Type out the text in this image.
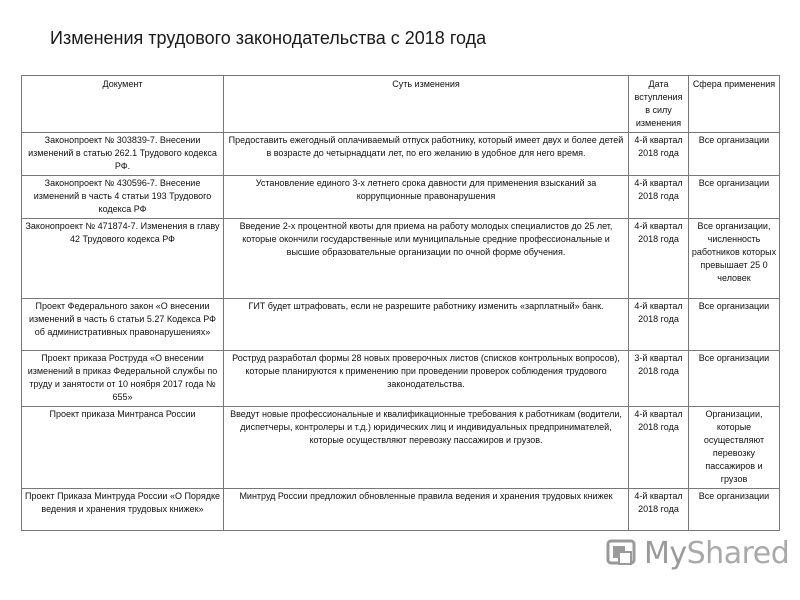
Изменения трудового законодательства с 2018 года
Документ	Суть изменения	Дата вступления в силу изменения	Сфера применения
Законопроект № 303839-7. Внесении изменений в статью 262.1 Трудового кодекса РФ.	Предоставить ежегодный оплачиваемый отпуск работнику, который имеет двух и более детей в возрасте до четырнадцати лет, по его желанию в удобное для него время.	4-й квартал 2018 года	Все организации
Законопроект № 430596-7. Внесение изменений в часть 4 статьи 193 Трудового кодекса РФ	Установление единого 3-х летнего срока давности для применения взысканий за коррупционные правонарушения	4-й квартал 2018 года	Все организации
Законопроект № 471874-7. Изменения в главу 42 Трудового кодекса РФ	Введение 2-х процентной квоты для приема на работу молодых специалистов до 25 лет, которые окончили государственные или муниципальные средние профессиональные и высшие образовательные организации по очной форме обучения.	4-й квартал 2018 года	Все организации, численность работников которых превышает 25 0 человек
Проект Федерального закон «О внесении изменений в часть 6 статьи 5.27 Кодекса РФ об административных правонарушениях»	ГИТ будет штрафовать, если не разрешите работнику изменить «зарплатный» банк.	4-й квартал 2018 года	Все организации
Проект приказа Роструда «О внесении изменений в приказ Федеральной службы по труду и занятости от 10 ноября 2017 года № 655»	Роструд разработал формы 28 новых проверочных листов (списков контрольных вопросов), которые планируются к применению при проведении проверок соблюдения трудового законодательства.	3-й квартал 2018 года	Все организации
Проект приказа Минтранса России	Введут новые профессиональные и квалификационные требования к работникам (водители, диспетчеры, контролеры и т.д.) юридических лиц и индивидуальных предпринимателей, которые осуществляют перевозку пассажиров и грузов.	4-й квартал 2018 года	Организации, которые осуществляют перевозку пассажиров и грузов
Проект Приказа Минтруда России «О Порядке ведения и хранения трудовых книжек»	Минтруд России предложил обновленные правила ведения и хранения трудовых книжек	4-й квартал 2018 года	Все организации
MyShared
